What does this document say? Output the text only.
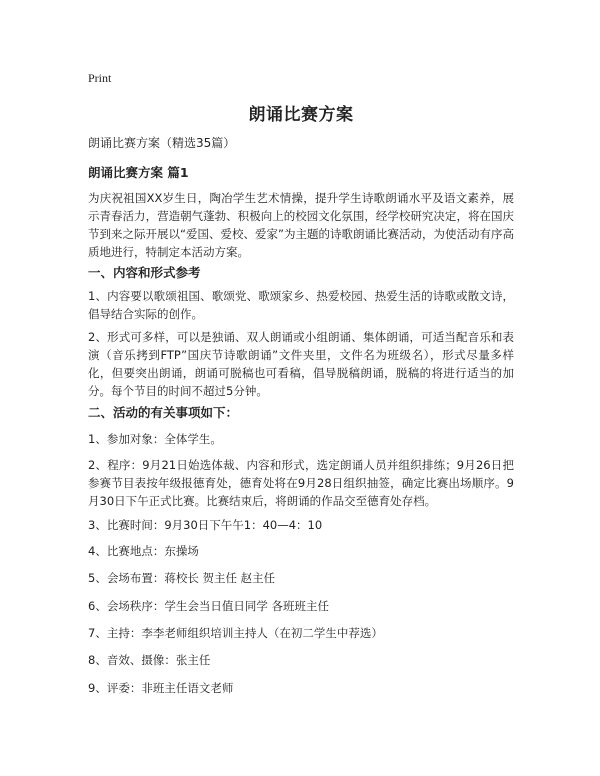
Print
朗诵比赛方案
朗诵比赛方案（精选35篇）
朗诵比赛方案 篇1
为庆祝祖国XX岁生日，陶冶学生艺术情操，提升学生诗歌朗诵水平及语文素养，展示青春活力，营造朝气蓬勃、积极向上的校园文化氛围，经学校研究决定，将在国庆节到来之际开展以“爱国、爱校、爱家”为主题的诗歌朗诵比赛活动，为使活动有序高质地进行，特制定本活动方案。
一、内容和形式参考
1、内容要以歌颂祖国、歌颂党、歌颂家乡、热爱校园、热爱生活的诗歌或散文诗，倡导结合实际的创作。
2、形式可多样，可以是独诵、双人朗诵或小组朗诵、集体朗诵，可适当配音乐和表演（音乐拷到FTP”国庆节诗歌朗诵”文件夹里，文件名为班级名），形式尽量多样化，但要突出朗诵，朗诵可脱稿也可看稿，倡导脱稿朗诵，脱稿的将进行适当的加分。每个节目的时间不超过5分钟。
二、活动的有关事项如下：
1、参加对象：全体学生。
2、程序：9月21日始选体裁、内容和形式，选定朗诵人员并组织排练；9月26日把参赛节目表按年级报德育处，德育处将在9月28日组织抽签，确定比赛出场顺序。9月30日下午正式比赛。比赛结束后，将朗诵的作品交至德育处存档。
3、比赛时间：9月30日下午午1：40—4：10
4、比赛地点：东操场
5、会场布置：蒋校长 贺主任 赵主任
6、会场秩序：学生会当日值日同学 各班班主任
7、主持：李李老师组织培训主持人（在初二学生中荐选）
8、音效、摄像：张主任
9、评委：非班主任语文老师
